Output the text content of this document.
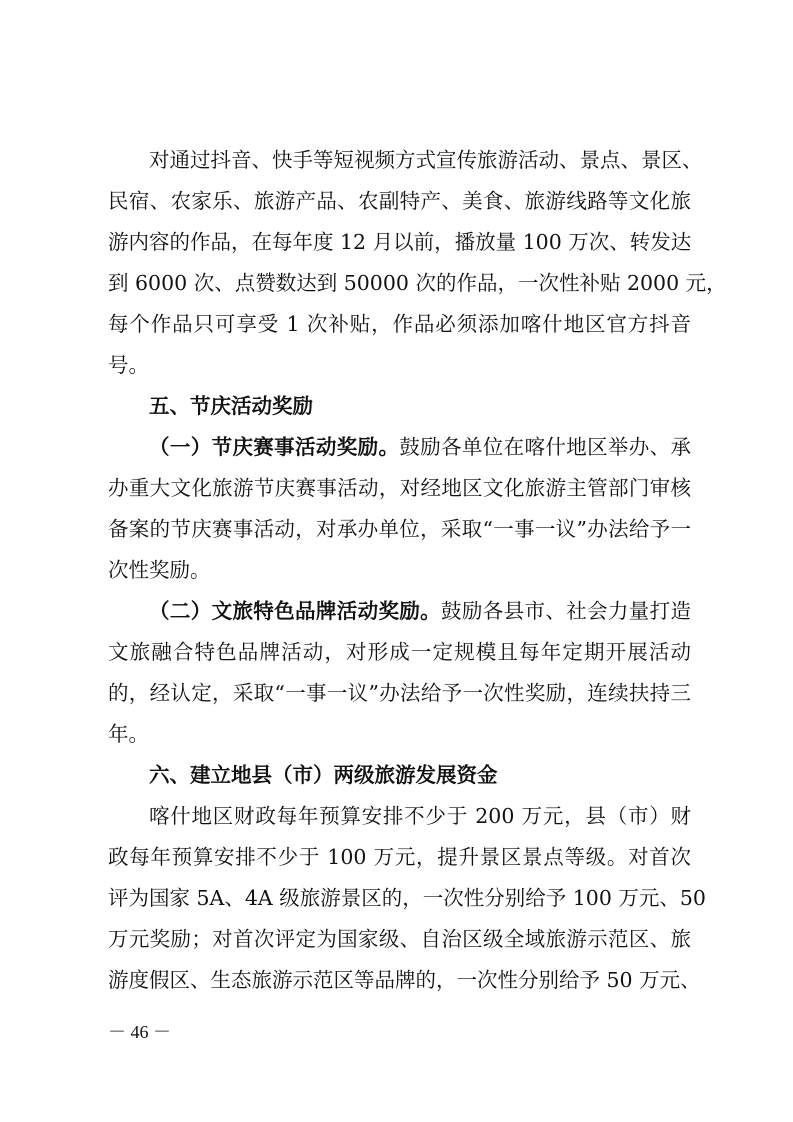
对通过抖音、快手等短视频方式宣传旅游活动、景点、景区、
民宿、农家乐、旅游产品、农副特产、美食、旅游线路等文化旅
游内容的作品，在每年度 12 月以前，播放量 100 万次、转发达
到 6000 次、点赞数达到 50000 次的作品，一次性补贴 2000 元，
每个作品只可享受 1 次补贴，作品必须添加喀什地区官方抖音
号。
五、节庆活动奖励
（一）节庆赛事活动奖励。鼓励各单位在喀什地区举办、承
办重大文化旅游节庆赛事活动，对经地区文化旅游主管部门审核
备案的节庆赛事活动，对承办单位，采取“一事一议”办法给予一
次性奖励。
（二）文旅特色品牌活动奖励。鼓励各县市、社会力量打造
文旅融合特色品牌活动，对形成一定规模且每年定期开展活动
的，经认定，采取“一事一议”办法给予一次性奖励，连续扶持三
年。
六、建立地县（市）两级旅游发展资金
喀什地区财政每年预算安排不少于 200 万元，县（市）财
政每年预算安排不少于 100 万元，提升景区景点等级。对首次
评为国家 5A、4A 级旅游景区的，一次性分别给予 100 万元、50
万元奖励；对首次评定为国家级、自治区级全域旅游示范区、旅
游度假区、生态旅游示范区等品牌的，一次性分别给予 50 万元、
－ 46 －
